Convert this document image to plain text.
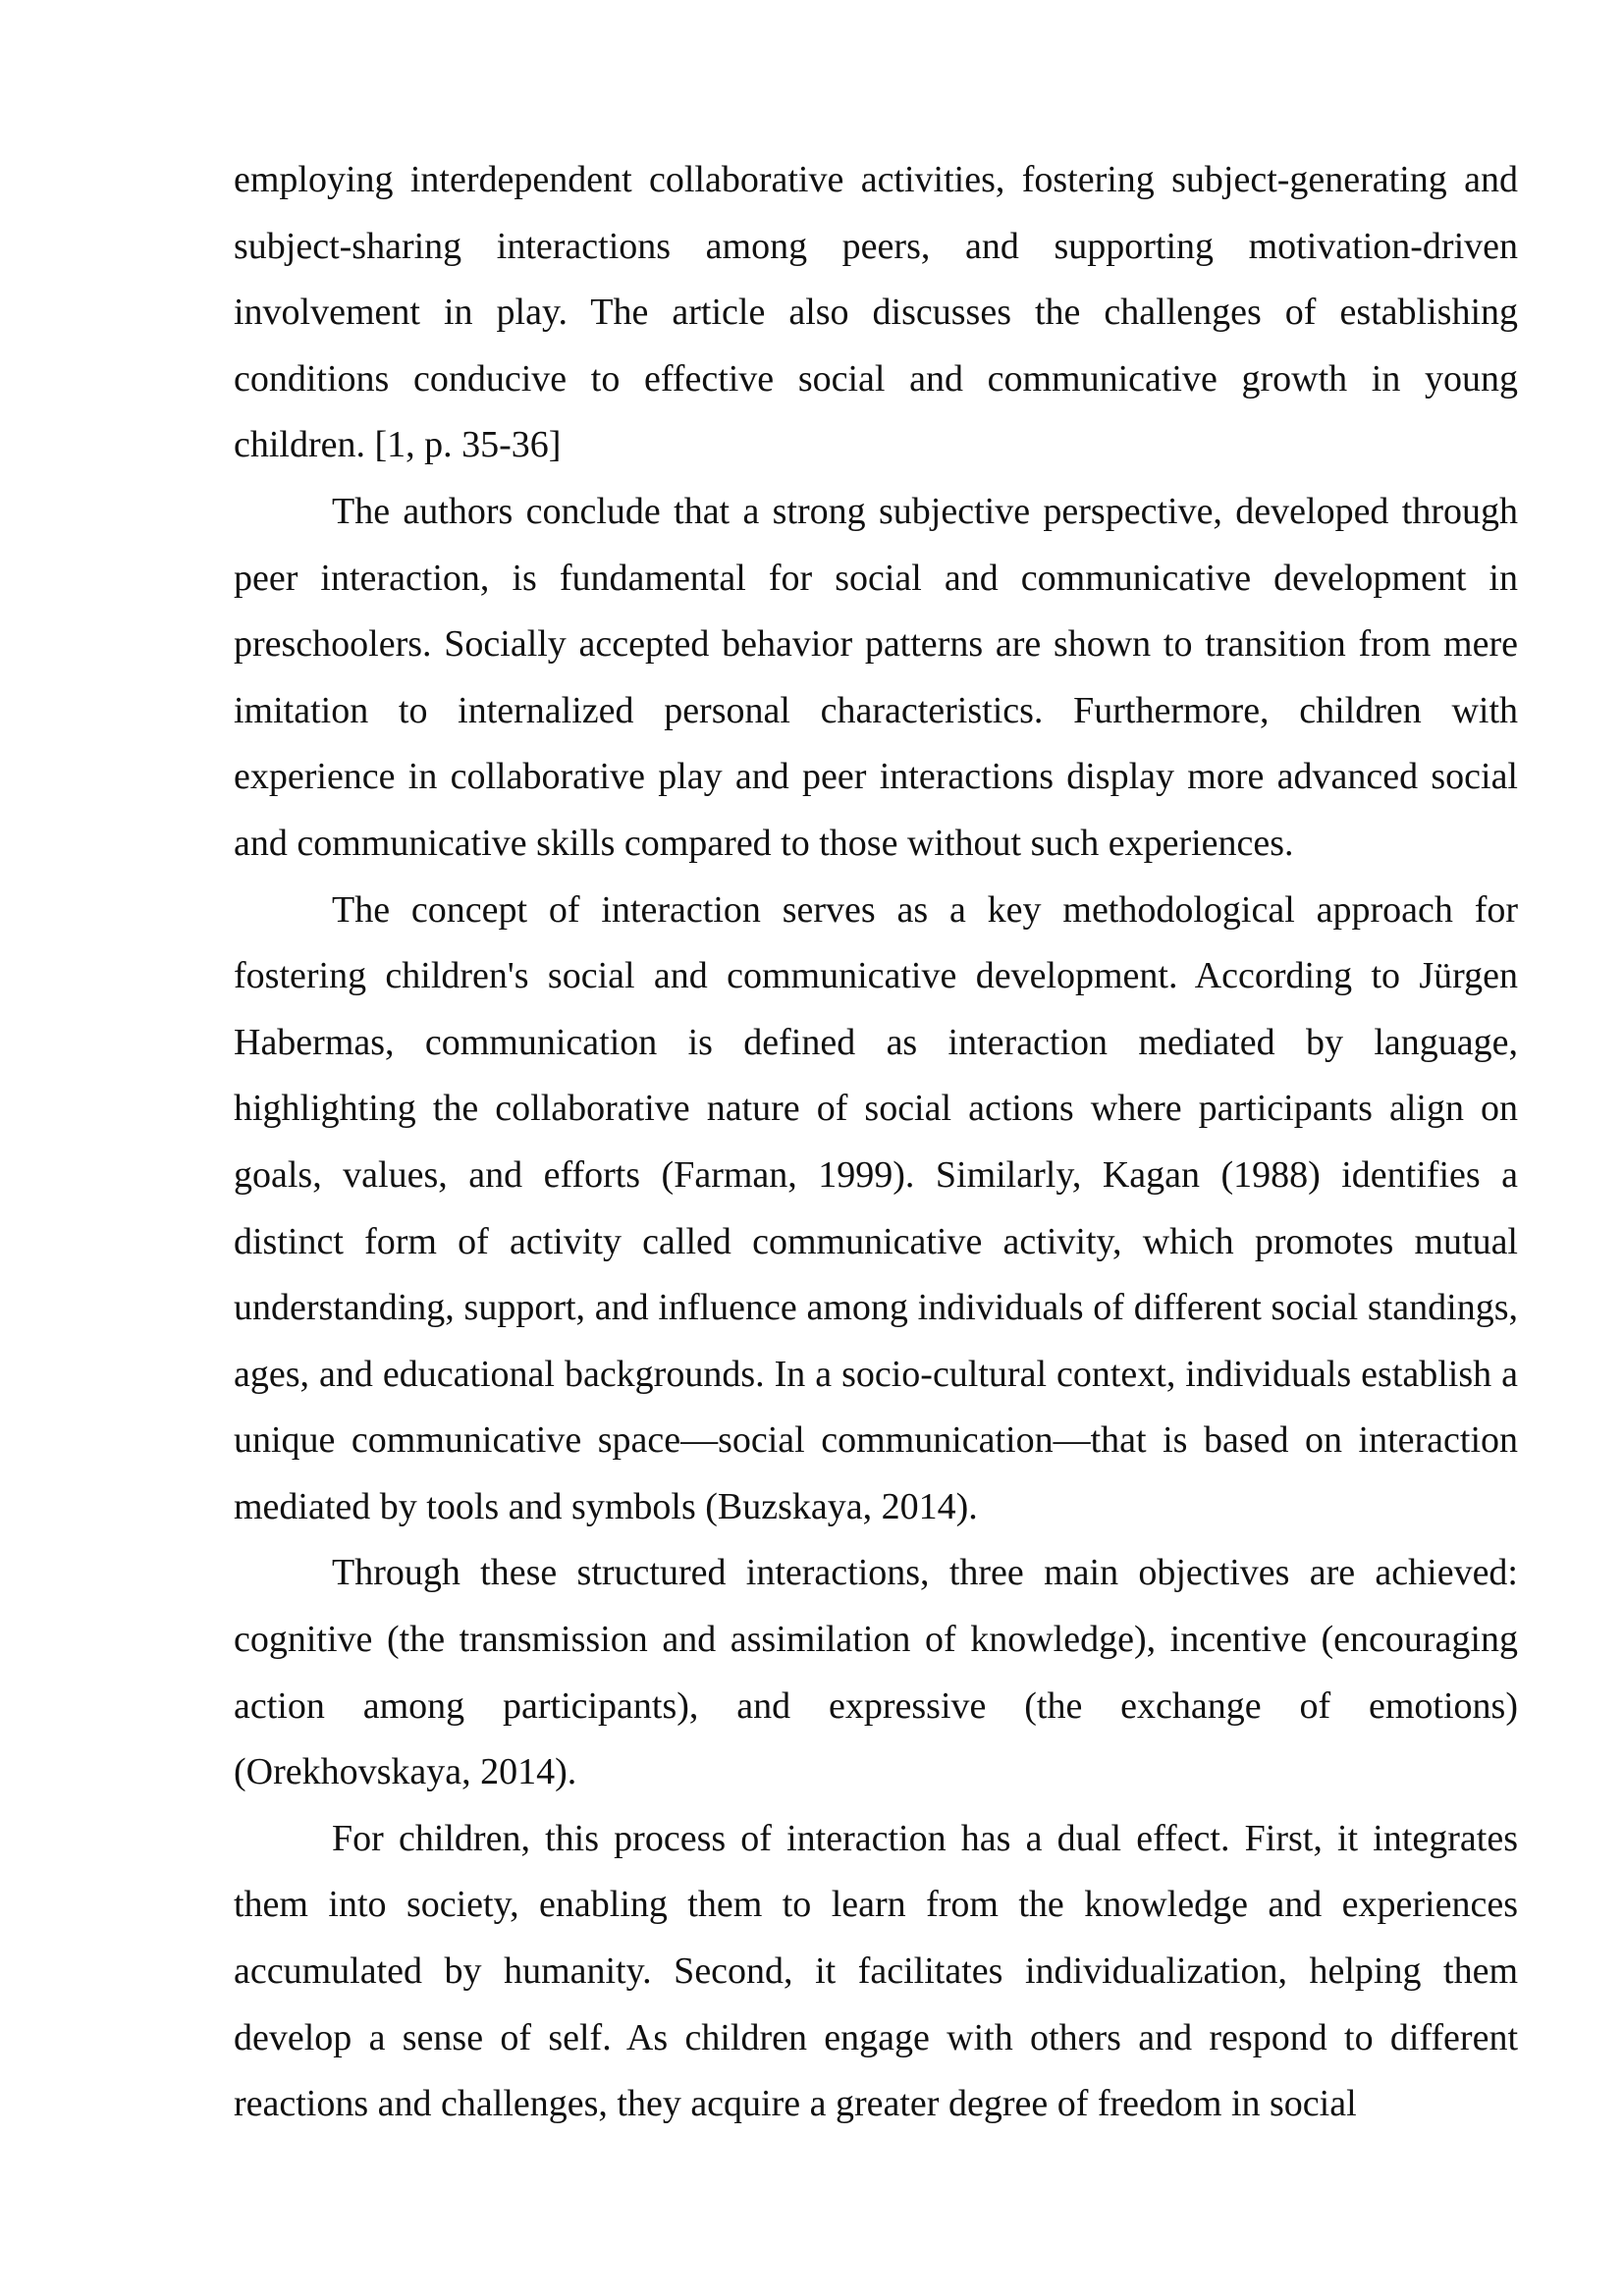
employing interdependent collaborative activities, fostering subject-generating and subject-sharing interactions among peers, and supporting motivation-driven involvement in play. The article also discusses the challenges of establishing conditions conducive to effective social and communicative growth in young children. [1, p. 35-36]

The authors conclude that a strong subjective perspective, developed through peer interaction, is fundamental for social and communicative development in preschoolers. Socially accepted behavior patterns are shown to transition from mere imitation to internalized personal characteristics. Furthermore, children with experience in collaborative play and peer interactions display more advanced social and communicative skills compared to those without such experiences.

The concept of interaction serves as a key methodological approach for fostering children's social and communicative development. According to Jürgen Habermas, communication is defined as interaction mediated by language, highlighting the collaborative nature of social actions where participants align on goals, values, and efforts (Farman, 1999). Similarly, Kagan (1988) identifies a distinct form of activity called communicative activity, which promotes mutual understanding, support, and influence among individuals of different social standings, ages, and educational backgrounds. In a socio-cultural context, individuals establish a unique communicative space—social communication—that is based on interaction mediated by tools and symbols (Buzskaya, 2014).

Through these structured interactions, three main objectives are achieved: cognitive (the transmission and assimilation of knowledge), incentive (encouraging action among participants), and expressive (the exchange of emotions) (Orekhovskaya, 2014).

For children, this process of interaction has a dual effect. First, it integrates them into society, enabling them to learn from the knowledge and experiences accumulated by humanity. Second, it facilitates individualization, helping them develop a sense of self. As children engage with others and respond to different reactions and challenges, they acquire a greater degree of freedom in social
